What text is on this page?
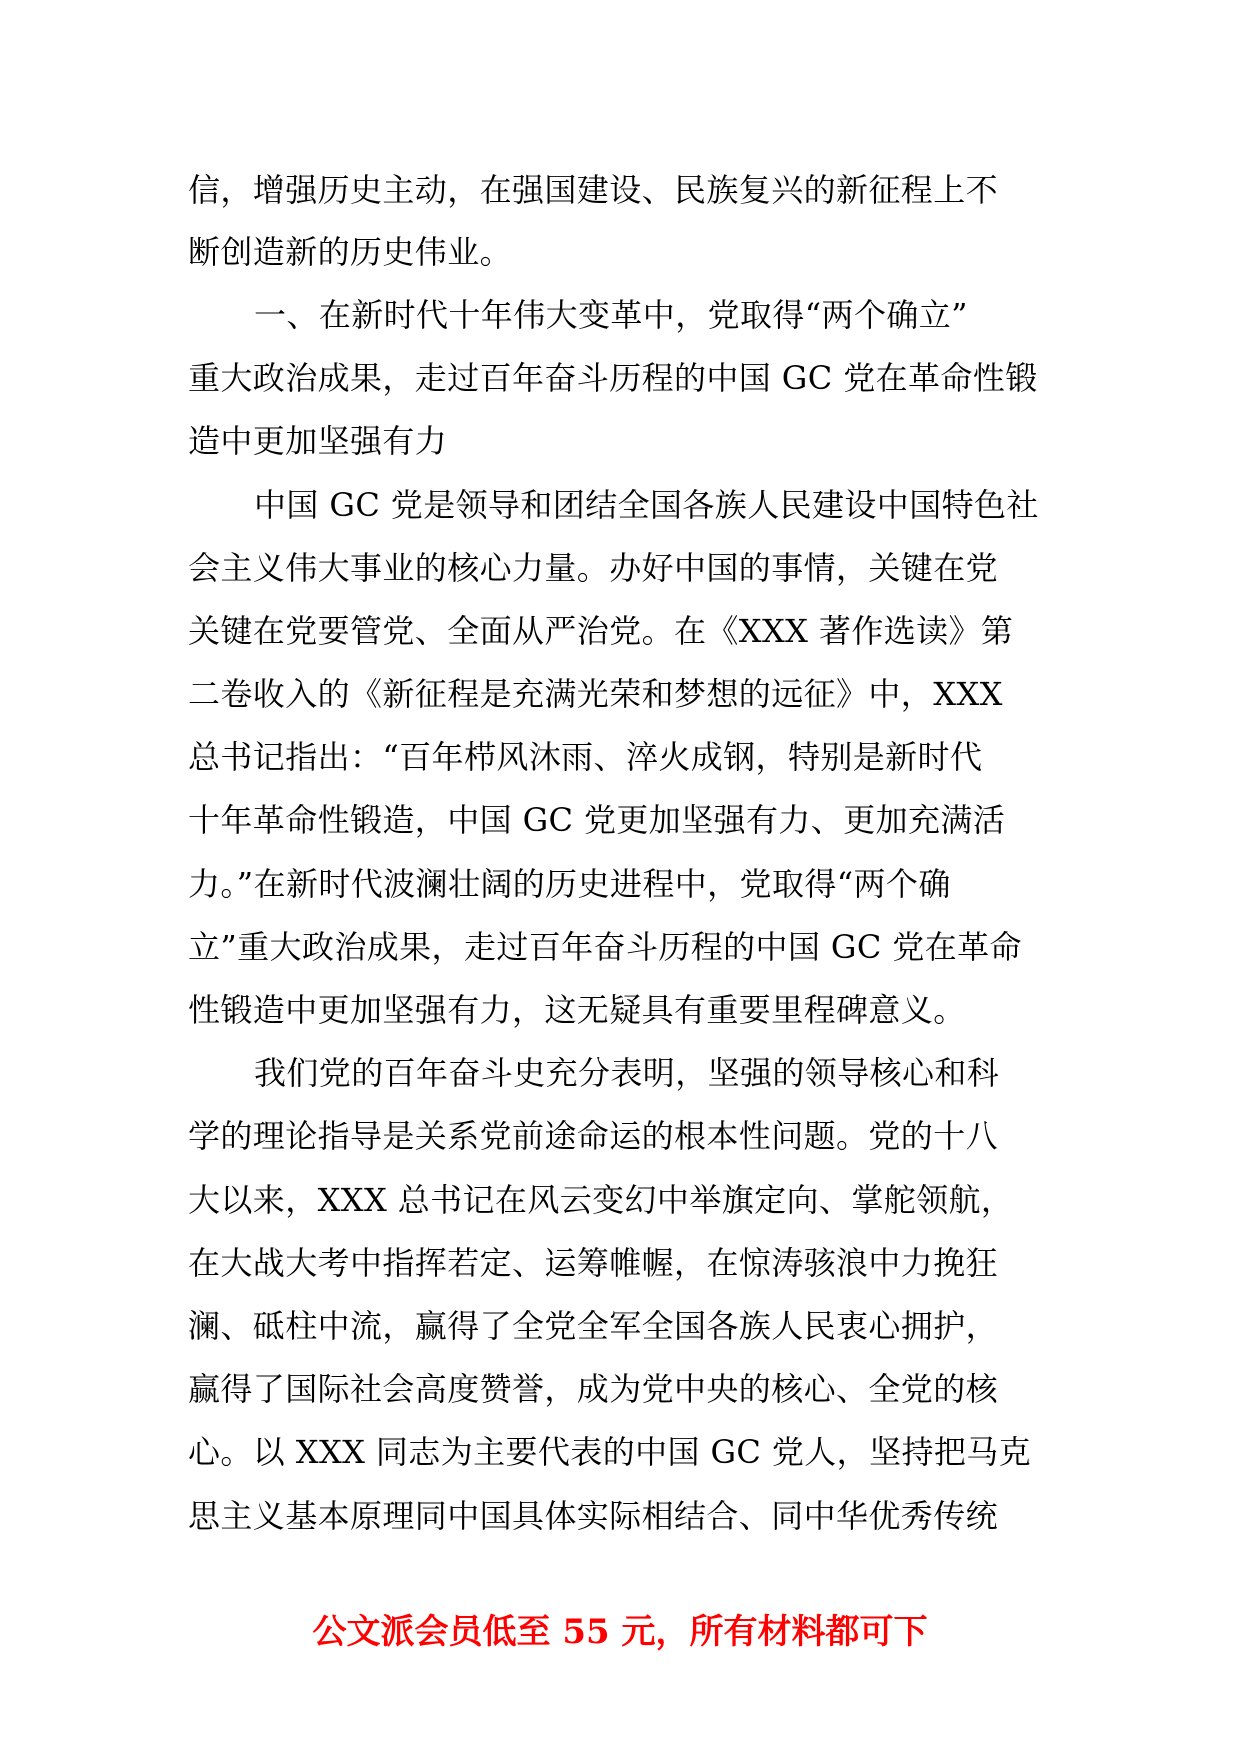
信，增强历史主动，在强国建设、民族复兴的新征程上不
断创造新的历史伟业。
一、在新时代十年伟大变革中，党取得“两个确立”
重大政治成果，走过百年奋斗历程的中国 GC 党在革命性锻
造中更加坚强有力
中国 GC 党是领导和团结全国各族人民建设中国特色社
会主义伟大事业的核心力量。办好中国的事情，关键在党
关键在党要管党、全面从严治党。在《XXX 著作选读》第
二卷收入的《新征程是充满光荣和梦想的远征》中，XXX
总书记指出：“百年栉风沐雨、淬火成钢，特别是新时代
十年革命性锻造，中国 GC 党更加坚强有力、更加充满活
力。”在新时代波澜壮阔的历史进程中，党取得“两个确
立”重大政治成果，走过百年奋斗历程的中国 GC 党在革命
性锻造中更加坚强有力，这无疑具有重要里程碑意义。
我们党的百年奋斗史充分表明，坚强的领导核心和科
学的理论指导是关系党前途命运的根本性问题。党的十八
大以来，XXX 总书记在风云变幻中举旗定向、掌舵领航，
在大战大考中指挥若定、运筹帷幄，在惊涛骇浪中力挽狂
澜、砥柱中流，赢得了全党全军全国各族人民衷心拥护，
赢得了国际社会高度赞誉，成为党中央的核心、全党的核
心。以 XXX 同志为主要代表的中国 GC 党人，坚持把马克
思主义基本原理同中国具体实际相结合、同中华优秀传统
公文派会员低至 55 元，所有材料都可下
